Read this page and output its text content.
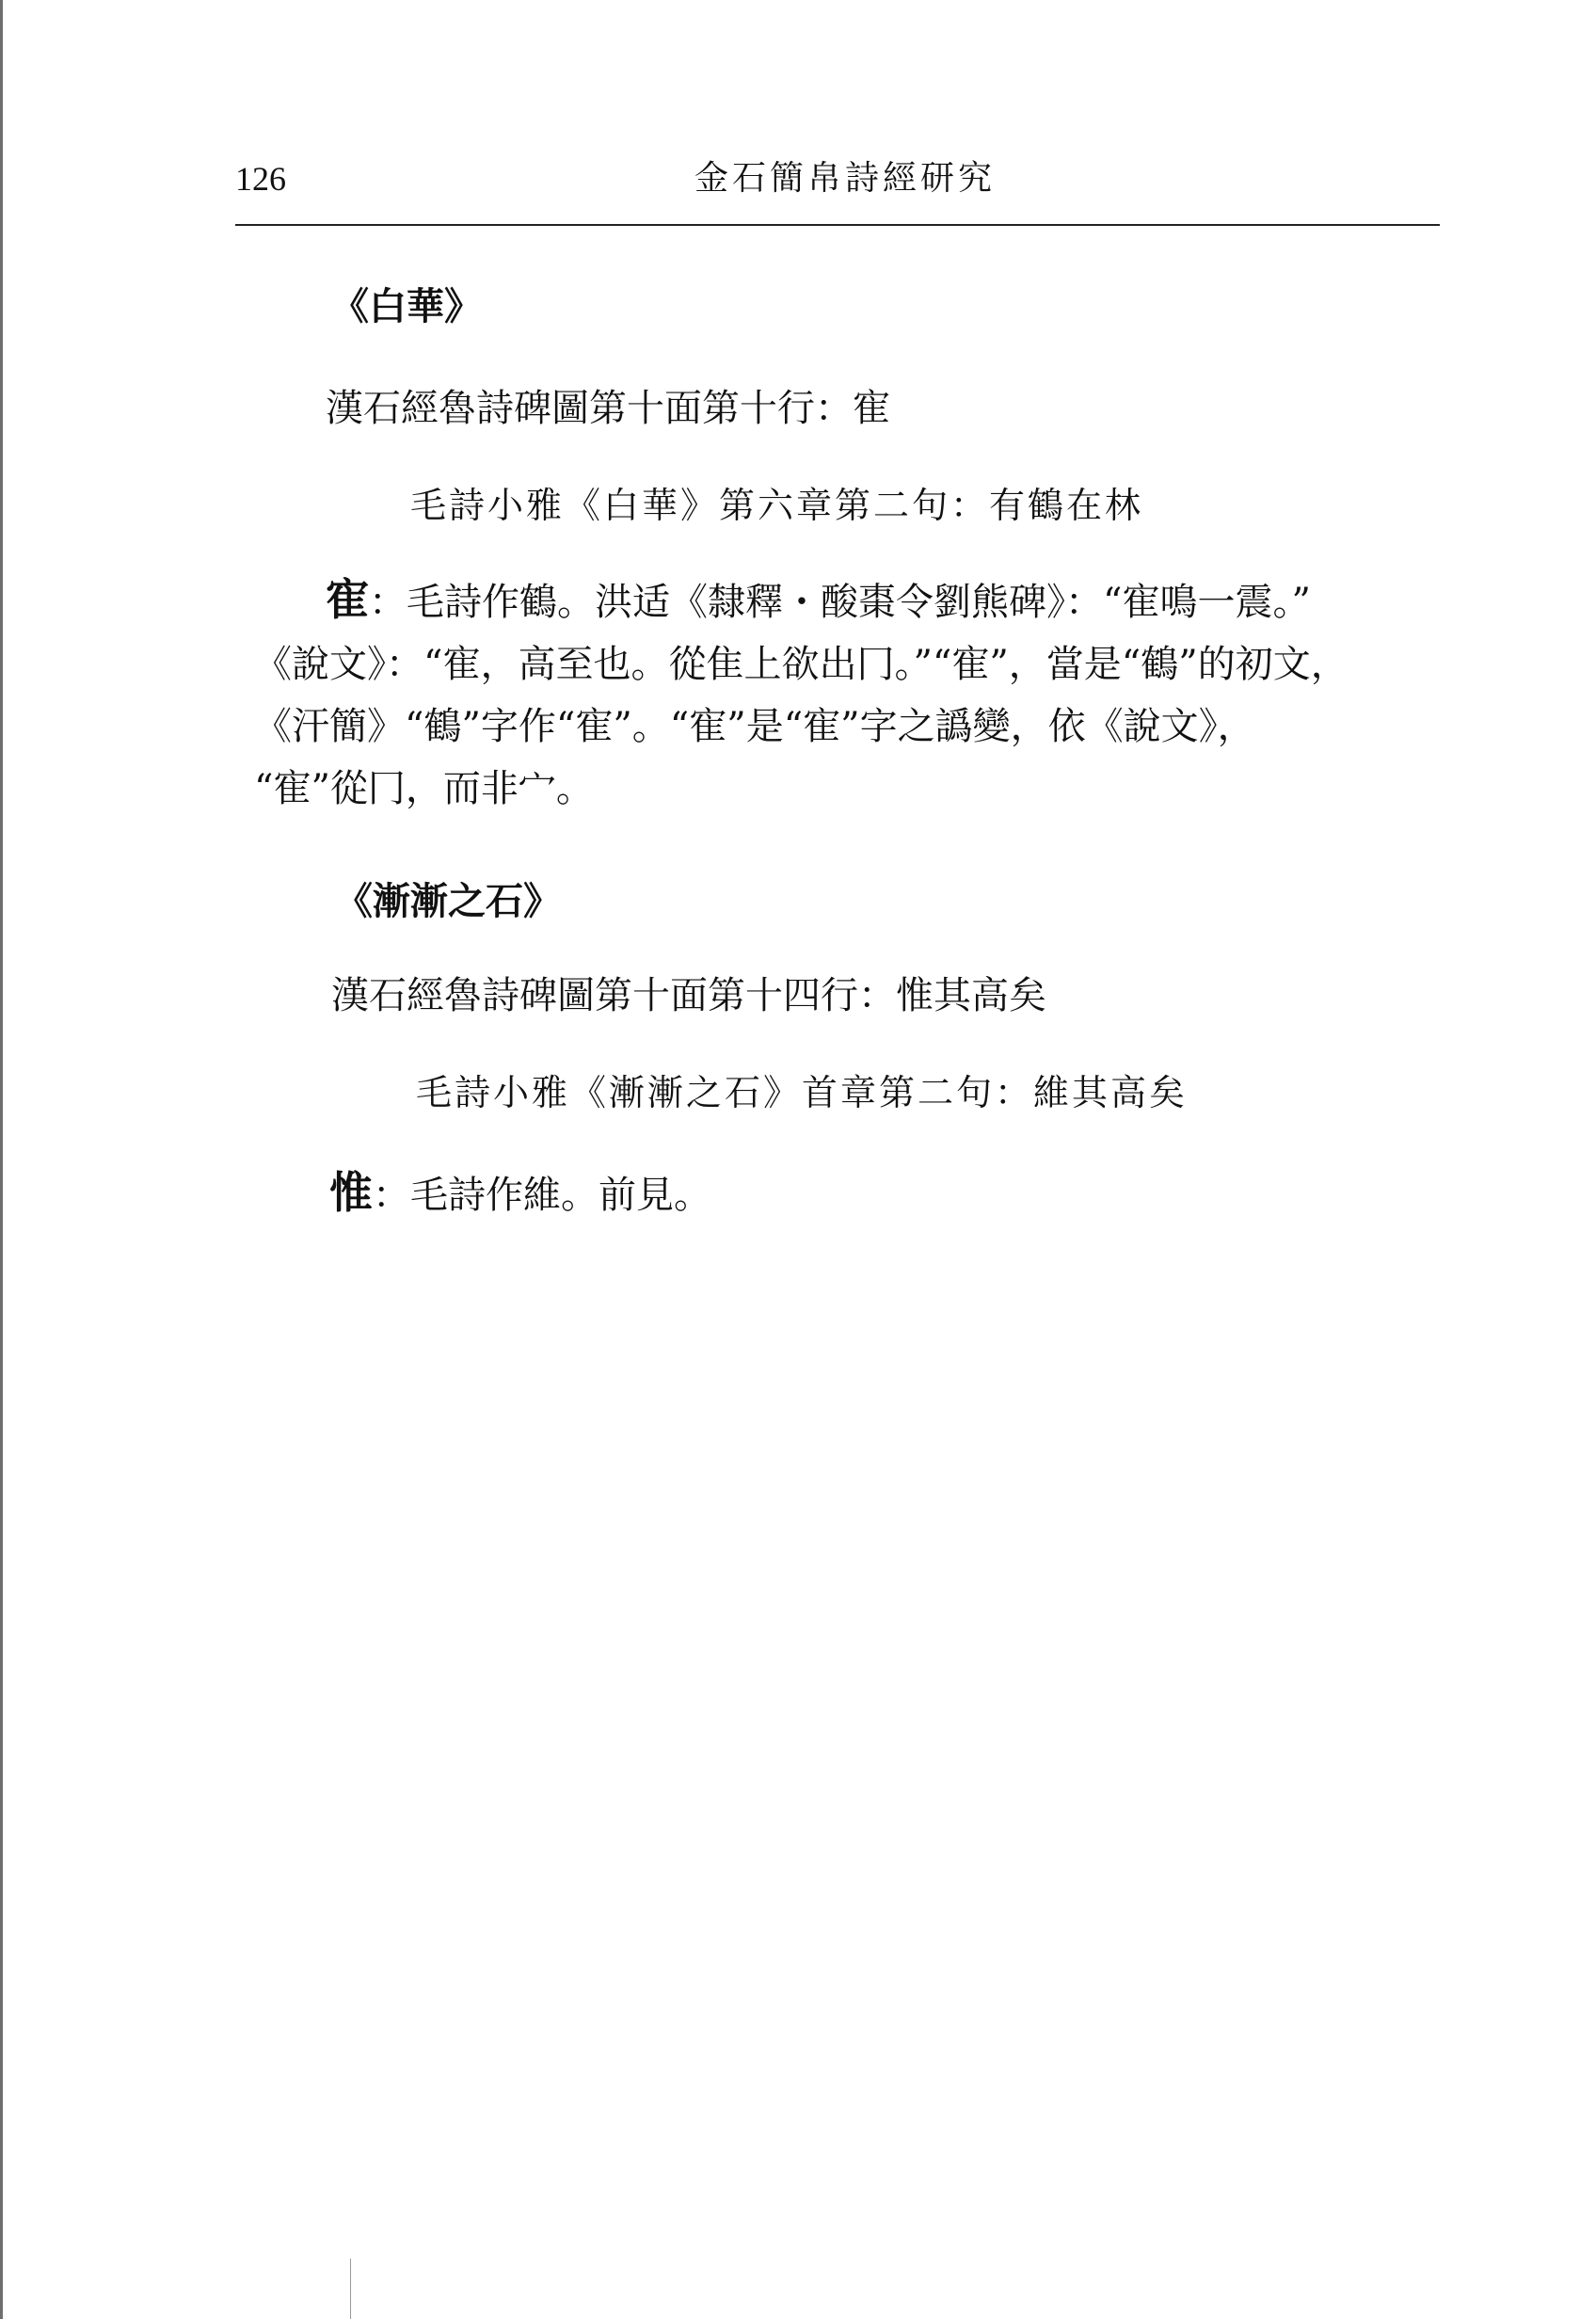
126	金石簡帛詩經研究
《白華》
漢石經魯詩碑圖第十面第十行：寉
毛詩小雅《白華》第六章第二句：有鶴在林
寉：毛詩作鶴。洪适《隸釋・酸棗令劉熊碑》：“寉鳴一震。”
《說文》：“寉，高至也。從隹上欲出冂。”“寉”，當是“鶴”的初文，
《汗簡》“鶴”字作“寉”。“寉”是“寉”字之譌變，依《說文》，
“寉”從冂，而非宀。
《漸漸之石》
漢石經魯詩碑圖第十面第十四行：惟其高矣
毛詩小雅《漸漸之石》首章第二句：維其高矣
惟：毛詩作維。前見。
